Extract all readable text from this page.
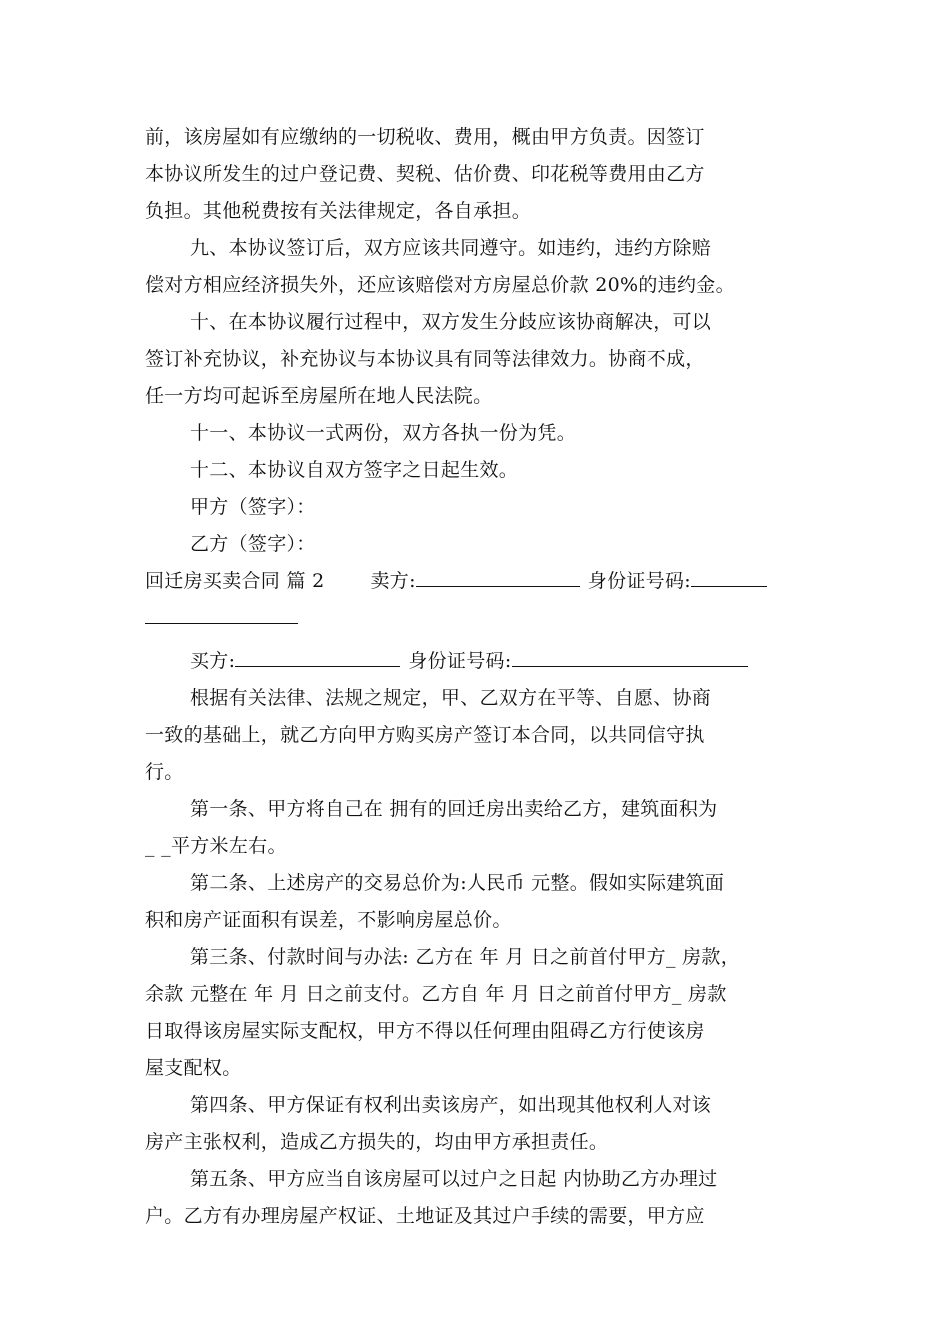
前，该房屋如有应缴纳的一切税收、费用，概由甲方负责。因签订
本协议所发生的过户登记费、契税、估价费、印花税等费用由乙方
负担。其他税费按有关法律规定，各自承担。
九、本协议签订后，双方应该共同遵守。如违约，违约方除赔
偿对方相应经济损失外，还应该赔偿对方房屋总价款 20%的违约金。
十、在本协议履行过程中，双方发生分歧应该协商解决，可以
签订补充协议，补充协议与本协议具有同等法律效力。协商不成，
任一方均可起诉至房屋所在地人民法院。
十一、本协议一式两份，双方各执一份为凭。
十二、本协议自双方签字之日起生效。
甲方（签字）：
乙方（签字）：
回迁房买卖合同 篇 2 卖方:	身份证号码:
买方:	身份证号码:
根据有关法律、法规之规定，甲、乙双方在平等、自愿、协商
一致的基础上，就乙方向甲方购买房产签订本合同，以共同信守执
行。
第一条、甲方将自己在 拥有的回迁房出卖给乙方，建筑面积为
_ _平方米左右。
第二条、上述房产的交易总价为:人民币 元整。假如实际建筑面
积和房产证面积有误差，不影响房屋总价。
第三条、付款时间与办法: 乙方在 年 月 日之前首付甲方_ 房款，
余款 元整在 年 月 日之前支付。乙方自 年 月 日之前首付甲方_ 房款
日取得该房屋实际支配权，甲方不得以任何理由阻碍乙方行使该房
屋支配权。
第四条、甲方保证有权利出卖该房产，如出现其他权利人对该
房产主张权利，造成乙方损失的，均由甲方承担责任。
第五条、甲方应当自该房屋可以过户之日起 内协助乙方办理过
户。乙方有办理房屋产权证、土地证及其过户手续的需要，甲方应
